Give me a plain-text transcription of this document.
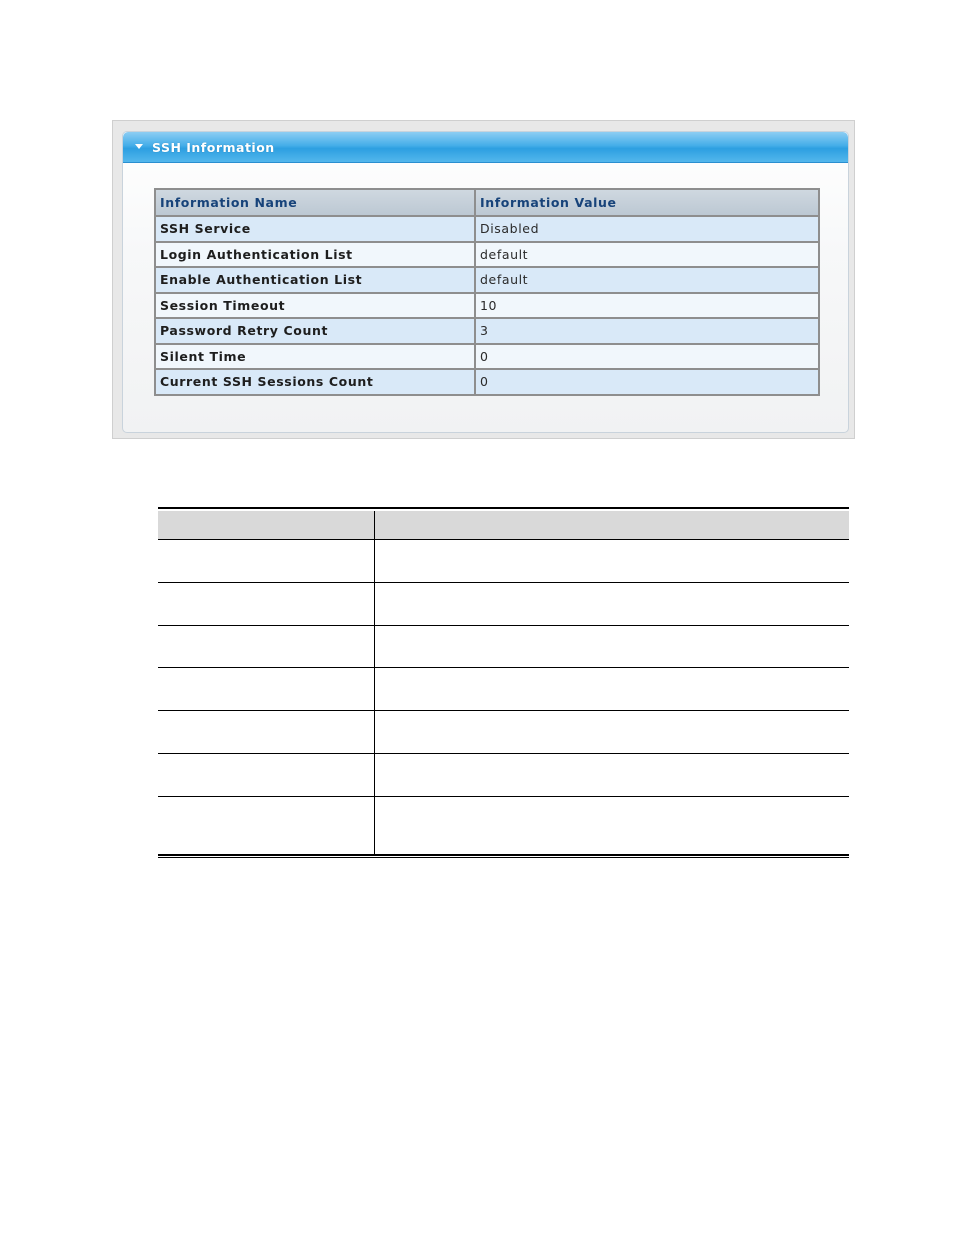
SSH Information
Information Name	Information Value
SSH Service	Disabled
Login Authentication List	default
Enable Authentication List	default
Session Timeout	10
Password Retry Count	3
Silent Time	0
Current SSH Sessions Count	0
